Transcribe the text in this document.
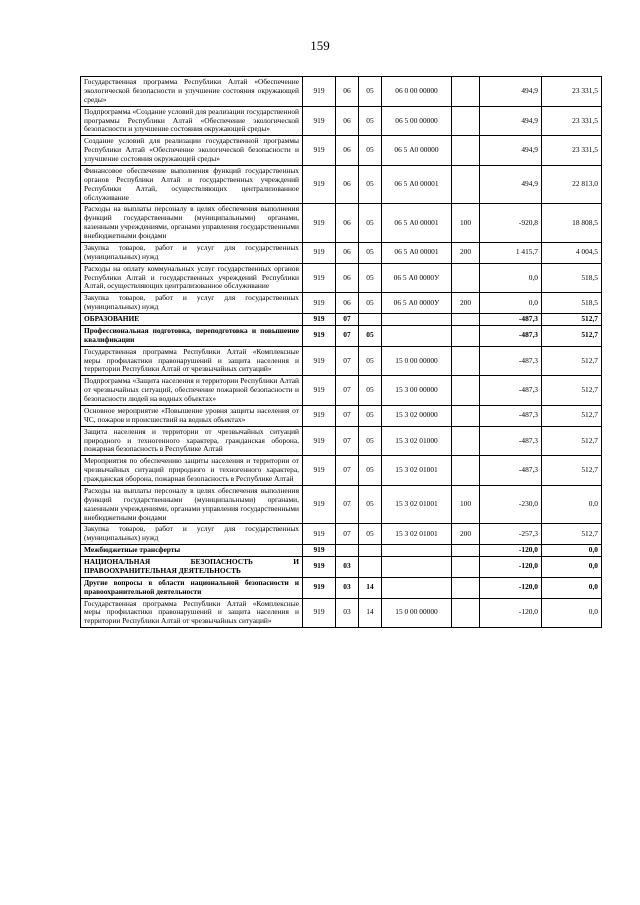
159
Государственная программа Республики Алтай «Обеспечение экологической безопасности и улучшение состояния окружающей среды»	919	06	05	06 0 00 00000		494,9	23 331,5
Подпрограмма «Создание условий для реализации государственной программы Республики Алтай «Обеспечение экологической безопасности и улучшение состояния окружающей среды»	919	06	05	06 5 00 00000		494,9	23 331,5
Создание условий для реализации государственной программы Республики Алтай «Обеспечение экологической безопасности и улучшение состояния окружающей среды»	919	06	05	06 5 А0 00000		494,9	23 331,5
Финансовое обеспечение выполнения функций государственных органов Республики Алтай и государственных учреждений Республики Алтай, осуществляющих централизованное обслуживание	919	06	05	06 5 А0 00001		494,9	22 813,0
Расходы на выплаты персоналу в целях обеспечения выполнения функций государственными (муниципальными) органами, казенными учреждениями, органами управления государственными внебюджетными фондами	919	06	05	06 5 А0 00001	100	-920,8	18 808,5
Закупка товаров, работ и услуг для государственных (муниципальных) нужд	919	06	05	06 5 А0 00001	200	1 415,7	4 004,5
Расходы на оплату коммунальных услуг государственных органов Республики Алтай и государственных учреждений Республики Алтай, осуществляющих централизованное обслуживание	919	06	05	06 5 А0 0000У		0,0	518,5
Закупка товаров, работ и услуг для государственных (муниципальных) нужд	919	06	05	06 5 А0 0000У	200	0,0	518,5
ОБРАЗОВАНИЕ	919	07				-487,3	512,7
Профессиональная подготовка, переподготовка и повышение квалификации	919	07	05			-487,3	512,7
Государственная программа Республики Алтай «Комплексные меры профилактики правонарушений и защита населения и территории Республики Алтай от чрезвычайных ситуаций»	919	07	05	15 0 00 00000		-487,3	512,7
Подпрограмма «Защита населения и территории Республики Алтай от чрезвычайных ситуаций, обеспечение пожарной безопасности и безопасности людей на водных объектах»	919	07	05	15 3 00 00000		-487,3	512,7
Основное мероприятие «Повышение уровня защиты населения от ЧС, пожаров и происшествий на водных объектах»	919	07	05	15 3 02 00000		-487,3	512,7
Защита населения и территории от чрезвычайных ситуаций природного и техногенного характера, гражданская оборона, пожарная безопасность в Республике Алтай	919	07	05	15 3 02 01000		-487,3	512,7
Мероприятия по обеспечению защиты населения и территории от чрезвычайных ситуаций природного и техногенного характера, гражданская оборона, пожарная безопасность в Республике Алтай	919	07	05	15 3 02 01001		-487,3	512,7
Расходы на выплаты персоналу в целях обеспечения выполнения функций государственными (муниципальными) органами, казенными учреждениями, органами управления государственными внебюджетными фондами	919	07	05	15 3 02 01001	100	-230,0	0,0
Закупка товаров, работ и услуг для государственных (муниципальных) нужд	919	07	05	15 3 02 01001	200	-257,3	512,7
Межбюджетные трансферты	919					-120,0	0,0
НАЦИОНАЛЬНАЯ БЕЗОПАСНОСТЬ И ПРАВООХРАНИТЕЛЬНАЯ ДЕЯТЕЛЬНОСТЬ	919	03				-120,0	0,0
Другие вопросы в области национальной безопасности и правоохранительной деятельности	919	03	14			-120,0	0,0
Государственная программа Республики Алтай «Комплексные меры профилактики правонарушений и защита населения и территории Республики Алтай от чрезвычайных ситуаций»	919	03	14	15 0 00 00000		-120,0	0,0
